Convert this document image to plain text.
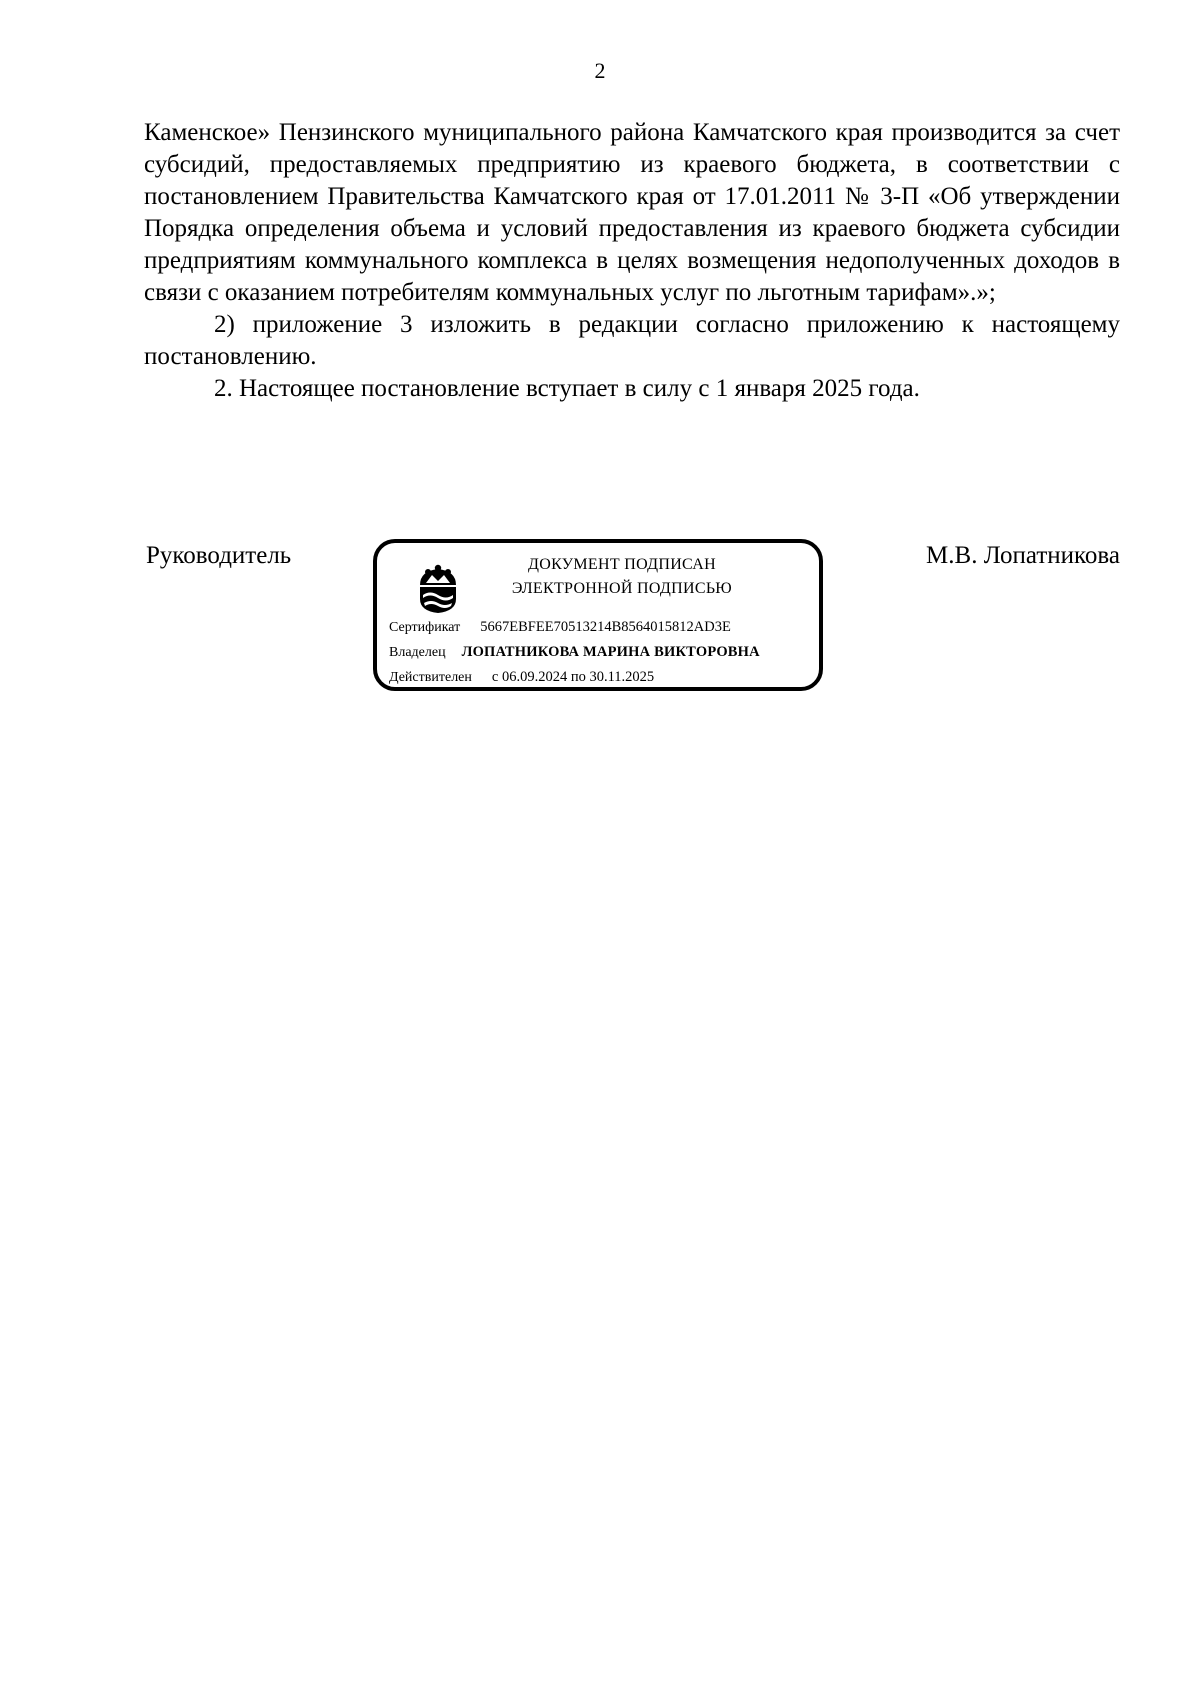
2

Каменское» Пензинского муниципального района Камчатского края производится за счет субсидий, предоставляемых предприятию из краевого бюджета, в соответствии с постановлением Правительства Камчатского края от 17.01.2011 № 3-П «Об утверждении Порядка определения объема и условий предоставления из краевого бюджета субсидии предприятиям коммунального комплекса в целях возмещения недополученных доходов в связи с оказанием потребителям коммунальных услуг по льготным тарифам».»;

2) приложение 3 изложить в редакции согласно приложению к настоящему постановлению.

2. Настоящее постановление вступает в силу с 1 января 2025 года.

Руководитель	ДОКУМЕНТ ПОДПИСАН
ЭЛЕКТРОННОЙ ПОДПИСЬЮ
Сертификат 5667EBFEE70513214B8564015812AD3E
Владелец ЛОПАТНИКОВА МАРИНА ВИКТОРОВНА
Действителен с 06.09.2024 по 30.11.2025
М.В. Лопатникова
